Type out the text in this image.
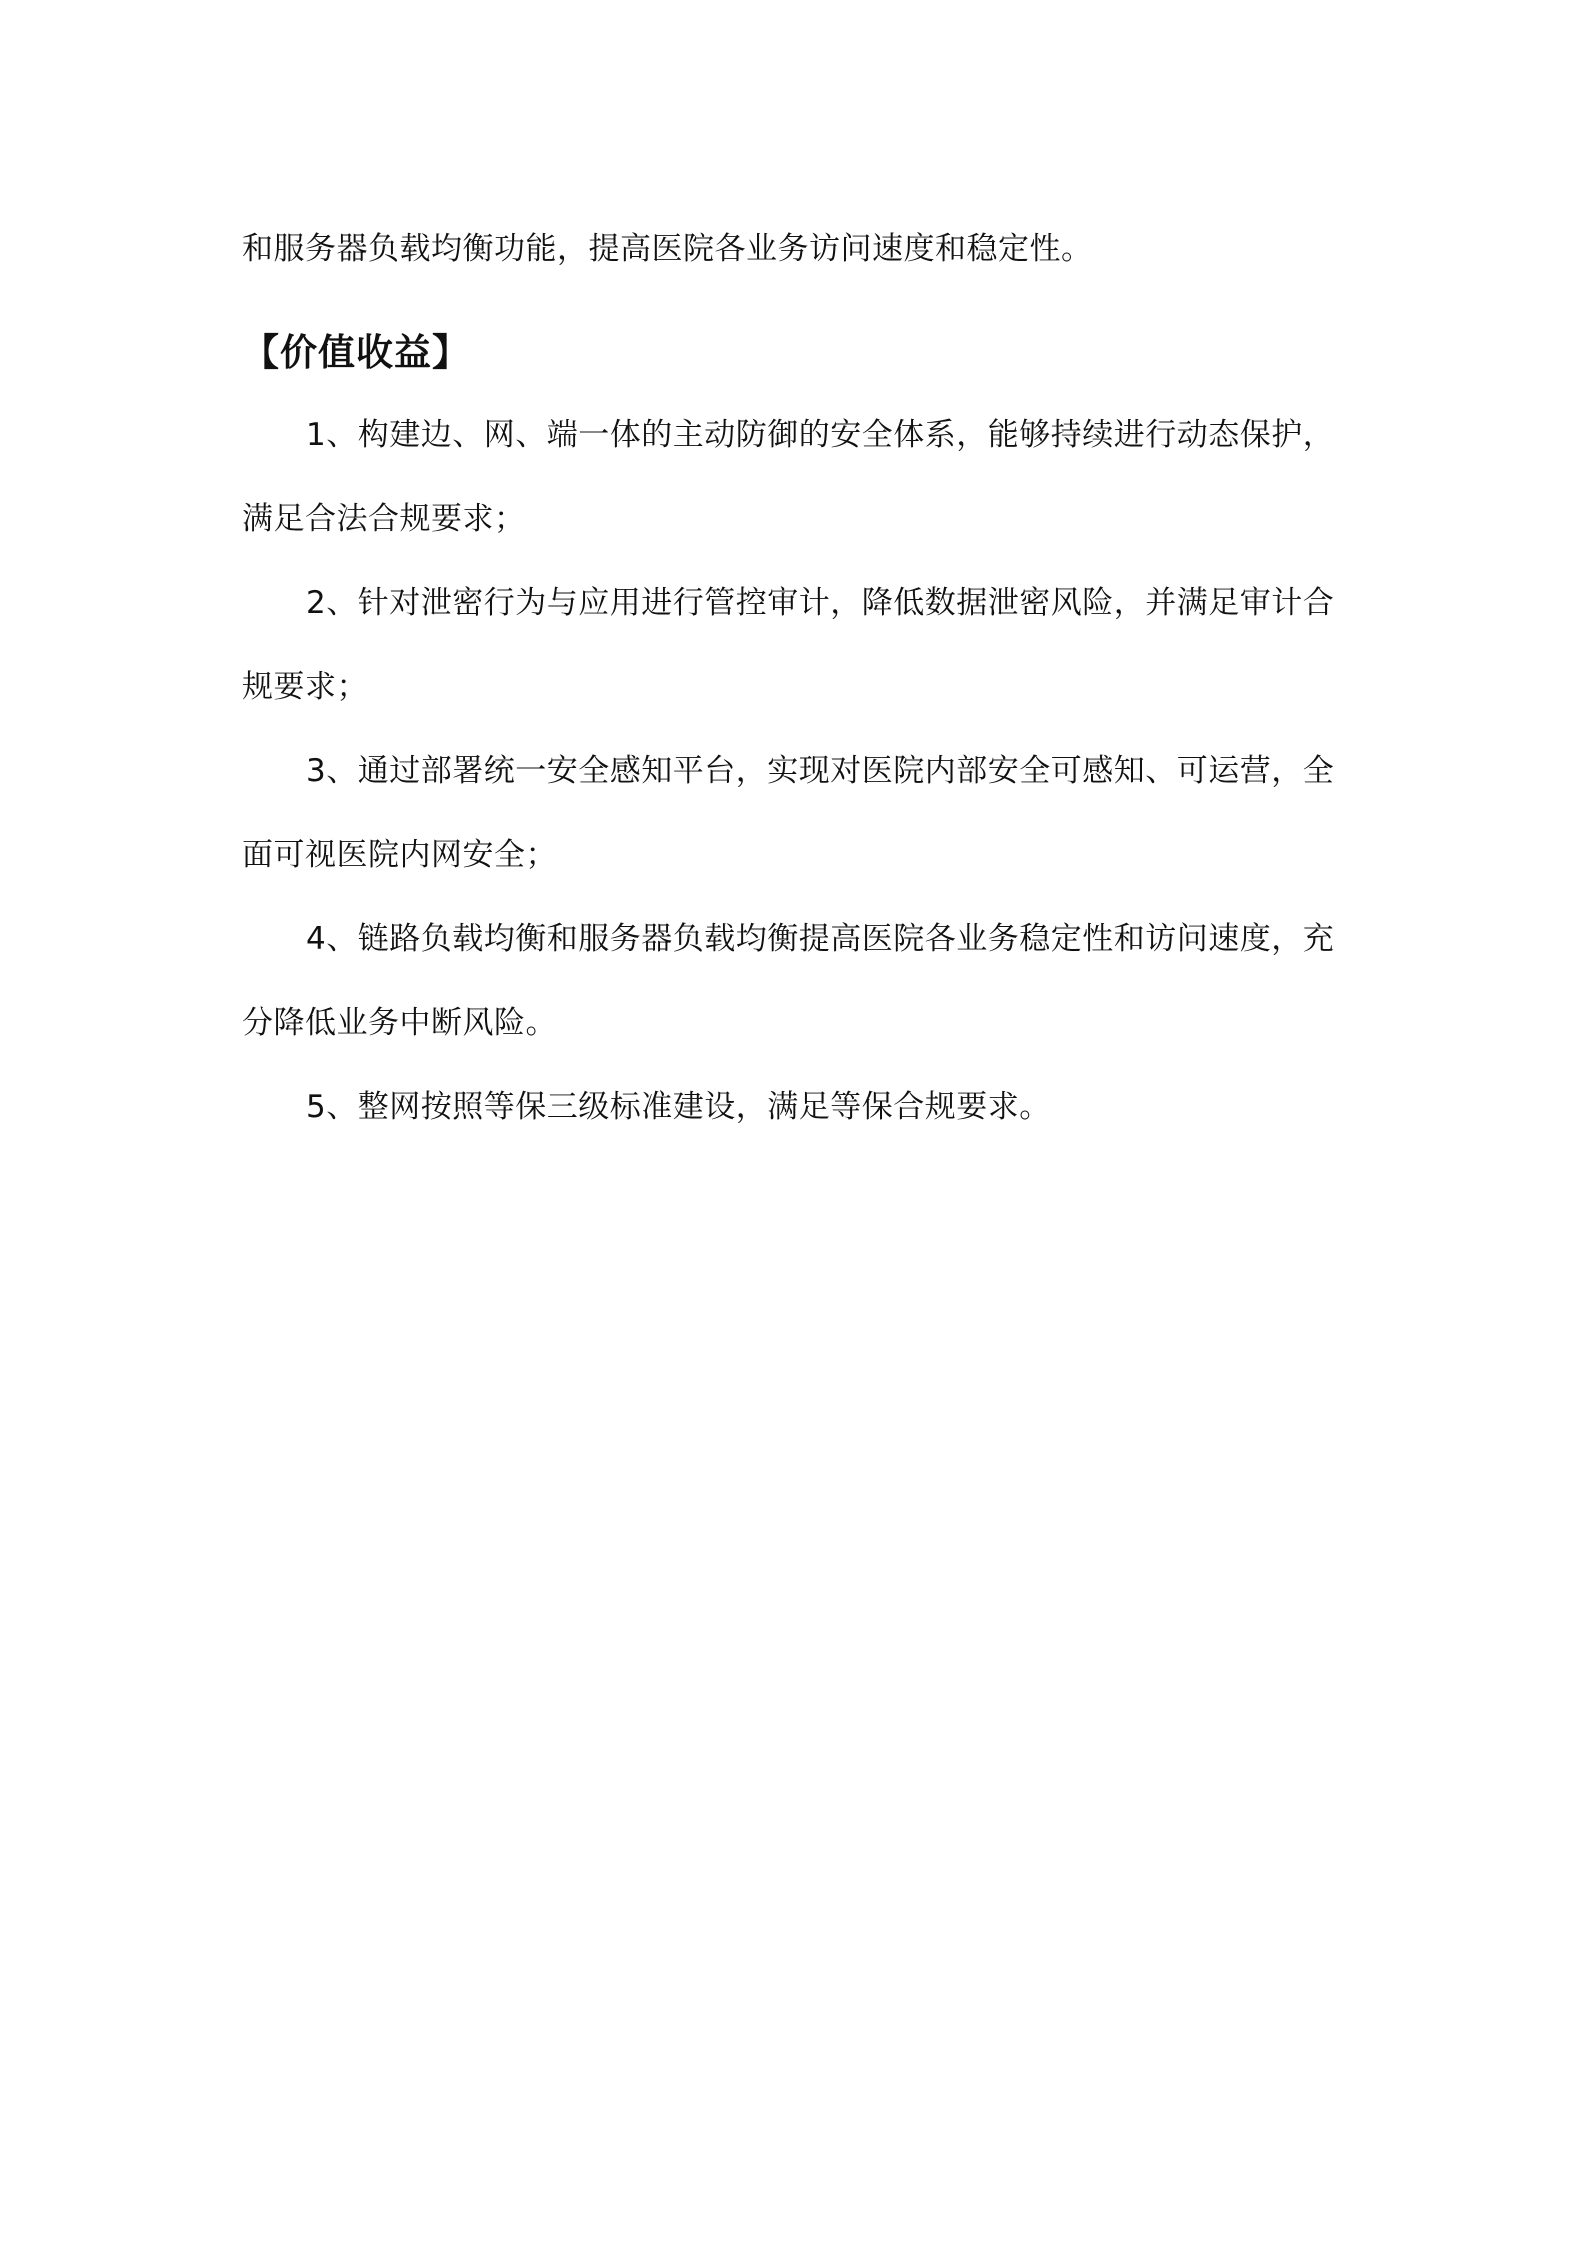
和服务器负载均衡功能，提高医院各业务访问速度和稳定性。

【价值收益】

1、构建边、网、端一体的主动防御的安全体系，能够持续进行动态保护，满足合法合规要求；

2、针对泄密行为与应用进行管控审计，降低数据泄密风险，并满足审计合规要求；

3、通过部署统一安全感知平台，实现对医院内部安全可感知、可运营，全面可视医院内网安全；

4、链路负载均衡和服务器负载均衡提高医院各业务稳定性和访问速度，充分降低业务中断风险。

5、整网按照等保三级标准建设，满足等保合规要求。
